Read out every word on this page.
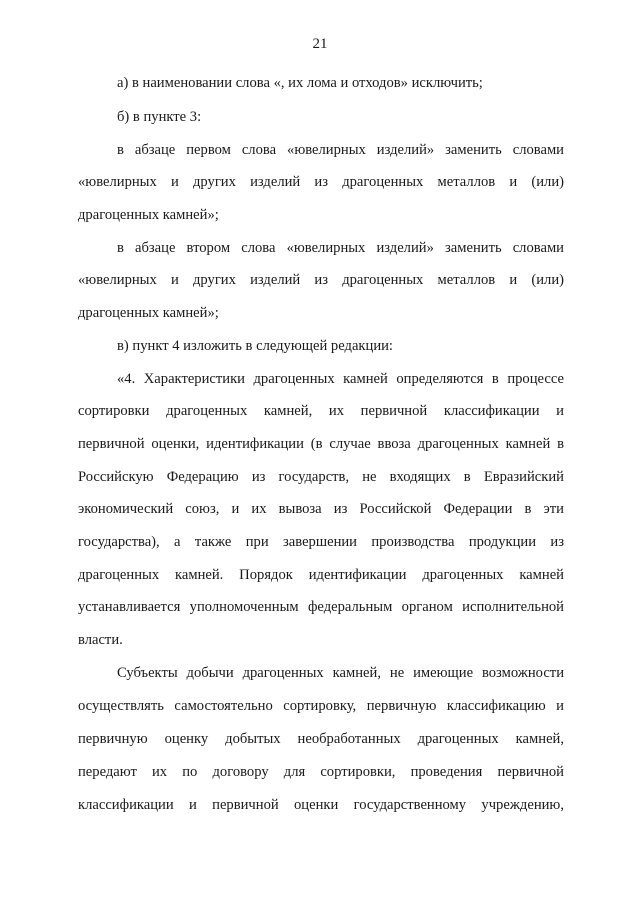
21
а) в наименовании слова «, их лома и отходов» исключить;
б) в пункте 3:
в абзаце первом слова «ювелирных изделий» заменить словами
«ювелирных и других изделий из драгоценных металлов и (или)
драгоценных камней»;
в абзаце втором слова «ювелирных изделий» заменить словами
«ювелирных и других изделий из драгоценных металлов и (или)
драгоценных камней»;
в) пункт 4 изложить в следующей редакции:
«4. Характеристики драгоценных камней определяются в процессе
сортировки драгоценных камней, их первичной классификации и
первичной оценки, идентификации (в случае ввоза драгоценных камней в
Российскую Федерацию из государств, не входящих в Евразийский
экономический союз, и их вывоза из Российской Федерации в эти
государства), а также при завершении производства продукции из
драгоценных камней. Порядок идентификации драгоценных камней
устанавливается уполномоченным федеральным органом исполнительной
власти.
Субъекты добычи драгоценных камней, не имеющие возможности
осуществлять самостоятельно сортировку, первичную классификацию и
первичную оценку добытых необработанных драгоценных камней,
передают их по договору для сортировки, проведения первичной
классификации и первичной оценки государственному учреждению,
